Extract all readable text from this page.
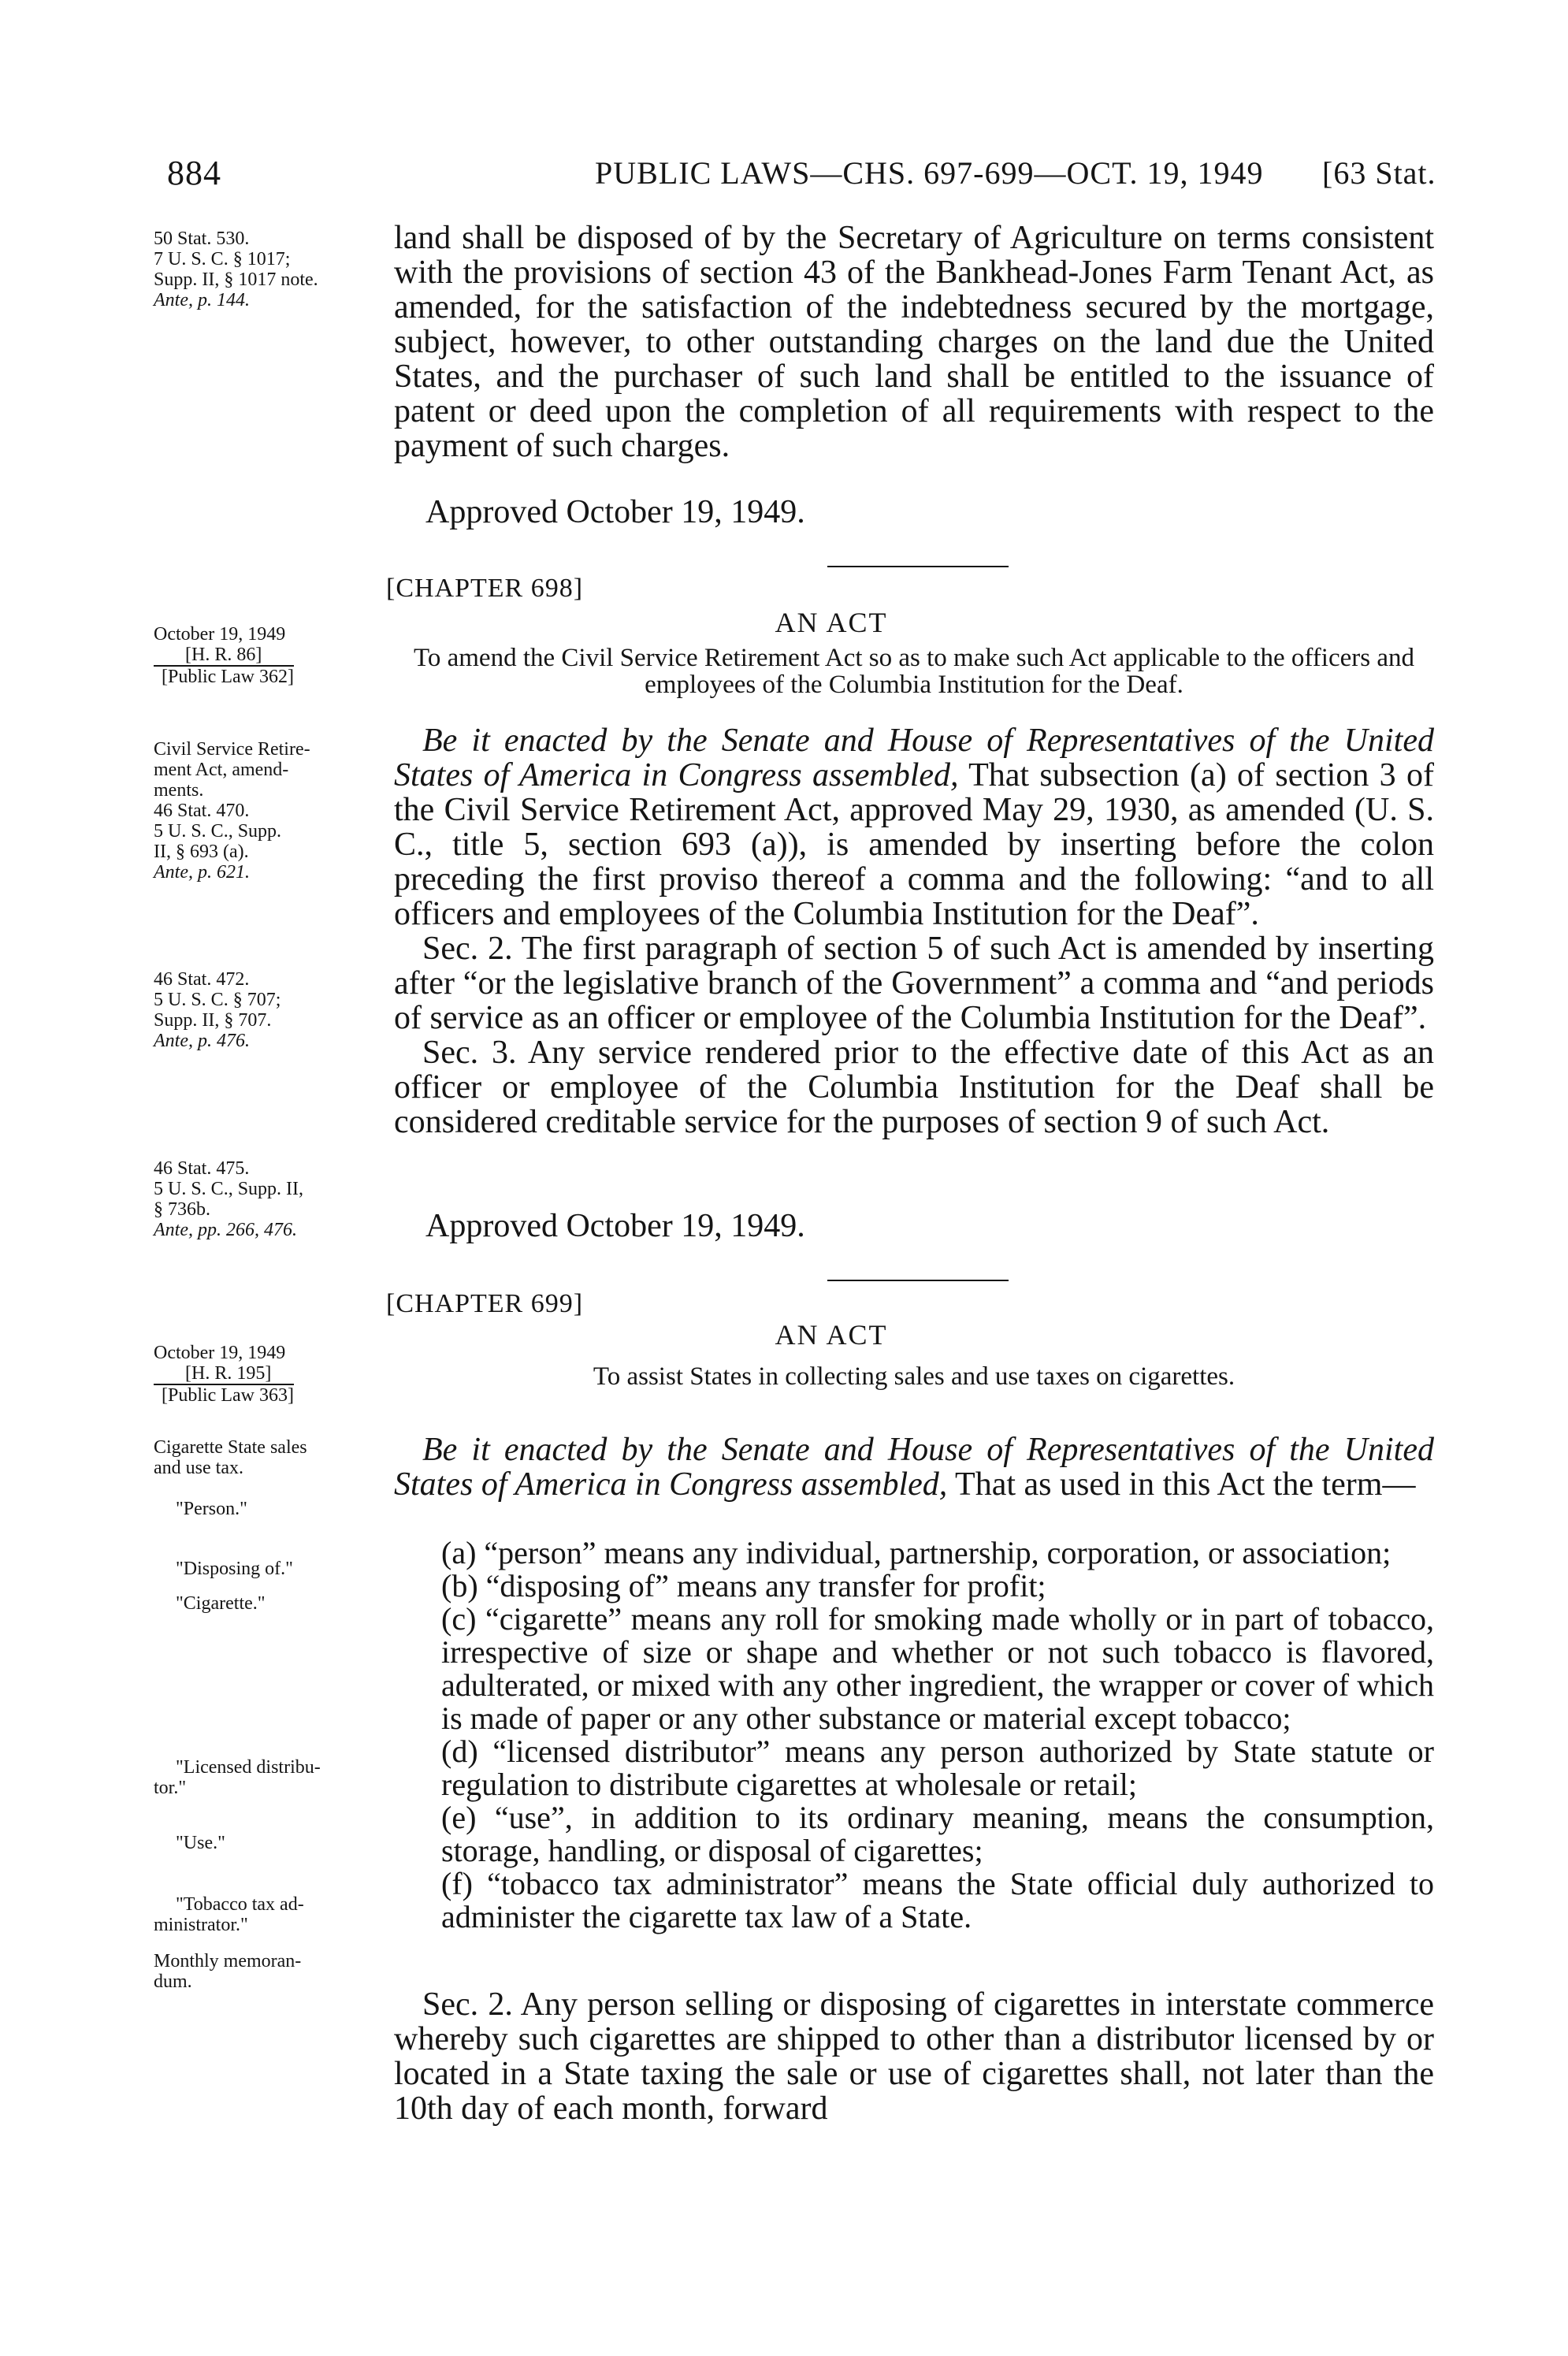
884	PUBLIC LAWS—CHS. 697-699—OCT. 19, 1949 [63 Stat.
50 Stat. 530.
7 U. S. C. § 1017;
Supp. II, § 1017 note.
Ante, p. 144.

land shall be disposed of by the Secretary of Agriculture on terms consistent with the provisions of section 43 of the Bankhead-Jones Farm Tenant Act, as amended, for the satisfaction of the indebtedness secured by the mortgage, subject, however, to other outstanding charges on the land due the United States, and the purchaser of such land shall be entitled to the issuance of patent or deed upon the completion of all requirements with respect to the payment of such charges.

Approved October 19, 1949.
[CHAPTER 698]
AN ACT
October 19, 1949
[H. R. 86]
[Public Law 362]
To amend the Civil Service Retirement Act so as to make such Act applicable to the officers and employees of the Columbia Institution for the Deaf.
Civil Service Retire-
ment Act, amend-
ments.
46 Stat. 470.
5 U. S. C., Supp.
II, § 693 (a).
Ante, p. 621.

Be it enacted by the Senate and House of Representatives of the United States of America in Congress assembled, That subsection (a) of section 3 of the Civil Service Retirement Act, approved May 29, 1930, as amended (U. S. C., title 5, section 693 (a)), is amended by inserting before the colon preceding the first proviso thereof a comma and the following: “and to all officers and employees of the Columbia Institution for the Deaf”.

Sec. 2. The first paragraph of section 5 of such Act is amended by inserting after “or the legislative branch of the Government” a comma and “and periods of service as an officer or employee of the Columbia Institution for the Deaf”.

Sec. 3. Any service rendered prior to the effective date of this Act as an officer or employee of the Columbia Institution for the Deaf shall be considered creditable service for the purposes of section 9 of such Act.

46 Stat. 472.
5 U. S. C. § 707;
Supp. II, § 707.
Ante, p. 476.
46 Stat. 475.
5 U. S. C., Supp. II,
§ 736b.
Ante, pp. 266, 476.	Approved October 19, 1949.
[CHAPTER 699]
AN ACT
October 19, 1949
[H. R. 195]
[Public Law 363]
To assist States in collecting sales and use taxes on cigarettes.
Cigarette State sales
and use tax.
"Person."
"Disposing of."
"Cigarette."
"Licensed distribu-
tor."
"Use."
"Tobacco tax ad-
ministrator."
Monthly memoran-
dum.

Be it enacted by the Senate and House of Representatives of the United States of America in Congress assembled, That as used in this Act the term—

(a) “person” means any individual, partnership, corporation, or association;

(b) “disposing of” means any transfer for profit;

(c) “cigarette” means any roll for smoking made wholly or in part of tobacco, irrespective of size or shape and whether or not such tobacco is flavored, adulterated, or mixed with any other ingredient, the wrapper or cover of which is made of paper or any other substance or material except tobacco;

(d) “licensed distributor” means any person authorized by State statute or regulation to distribute cigarettes at wholesale or retail;

(e) “use”, in addition to its ordinary meaning, means the consumption, storage, handling, or disposal of cigarettes;

(f) “tobacco tax administrator” means the State official duly authorized to administer the cigarette tax law of a State.

Sec. 2. Any person selling or disposing of cigarettes in interstate commerce whereby such cigarettes are shipped to other than a distributor licensed by or located in a State taxing the sale or use of cigarettes shall, not later than the 10th day of each month, forward
